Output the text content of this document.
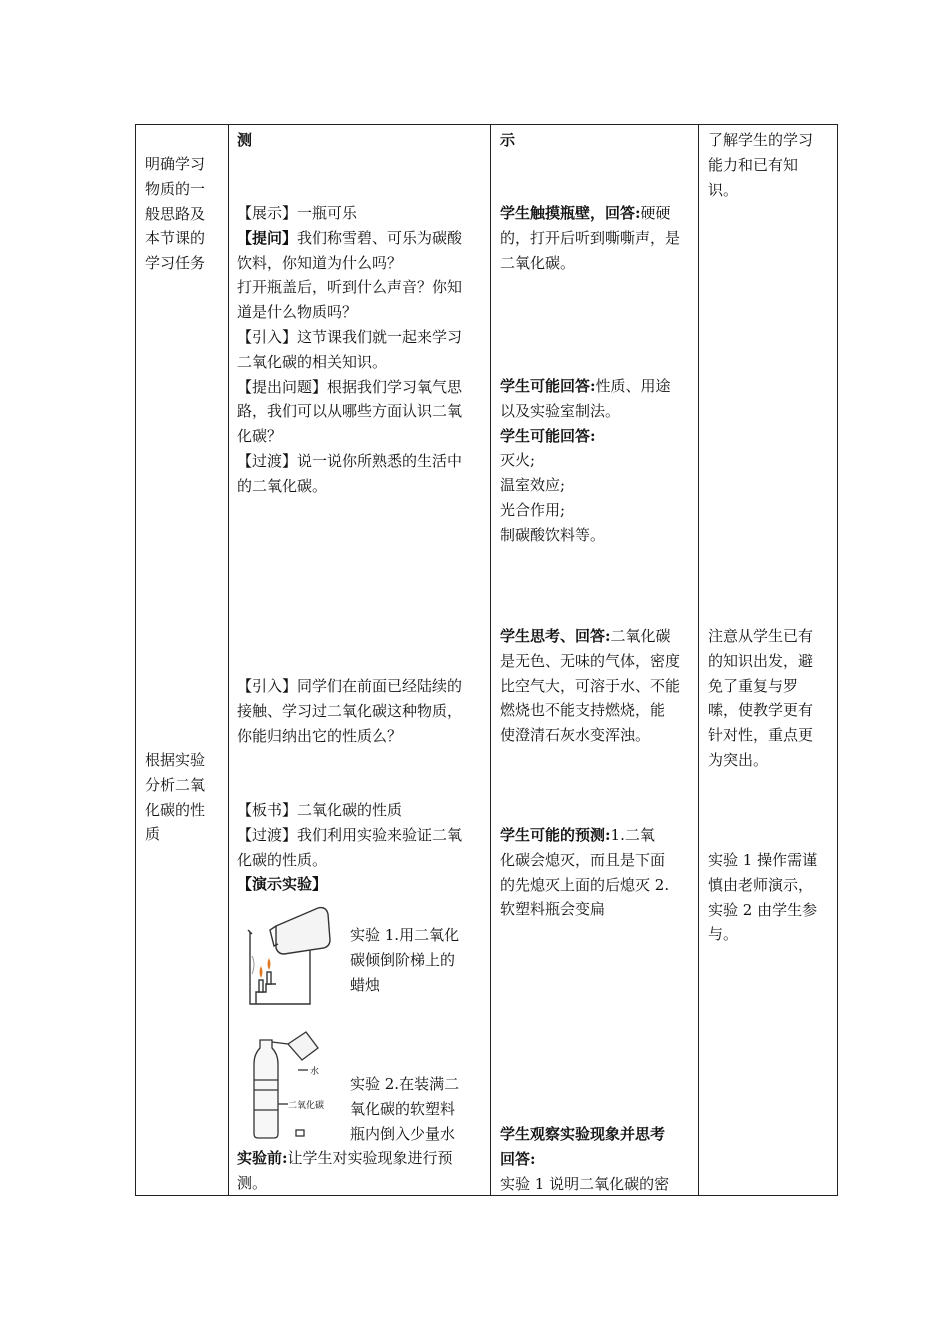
明确学习

物质的一

般思路及

本节课的

学习任务

根据实验

分析二氧

化碳的性

质

测

【展示】一瓶可乐

【提问】我们称雪碧、可乐为碳酸

饮料，你知道为什么吗？

打开瓶盖后，听到什么声音？你知

道是什么物质吗？

【引入】这节课我们就一起来学习

二氧化碳的相关知识。

【提出问题】根据我们学习氧气思

路，我们可以从哪些方面认识二氧

化碳？

【过渡】说一说你所熟悉的生活中

的二氧化碳。

【引入】同学们在前面已经陆续的

接触、学习过二氧化碳这种物质，

你能归纳出它的性质么？

【板书】二氧化碳的性质

【过渡】我们利用实验来验证二氧

化碳的性质。

【演示实验】

实验 1.用二氧化

碳倾倒阶梯上的

蜡烛

水
二氧化碳

实验 2.在装满二

氧化碳的软塑料

瓶内倒入少量水

实验前:让学生对实验现象进行预

测。

示

学生触摸瓶壁，回答:硬硬

的，打开后听到嘶嘶声，是

二氧化碳。

学生可能回答:性质、用途

以及实验室制法。

学生可能回答:

灭火;

温室效应;

光合作用;

制碳酸饮料等。

学生思考、回答:二氧化碳

是无色、无味的气体，密度

比空气大，可溶于水、不能

燃烧也不能支持燃烧，能

使澄清石灰水变浑浊。

学生可能的预测:1.二氧

化碳会熄灭，而且是下面

的先熄灭上面的后熄灭 2.

软塑料瓶会变扁

学生观察实验现象并思考

回答:

实验 1 说明二氧化碳的密

了解学生的学习

能力和已有知

识。

注意从学生已有

的知识出发，避

免了重复与罗

嗦，使教学更有

针对性，重点更

为突出。

实验 1 操作需谨

慎由老师演示，

实验 2 由学生参

与。
